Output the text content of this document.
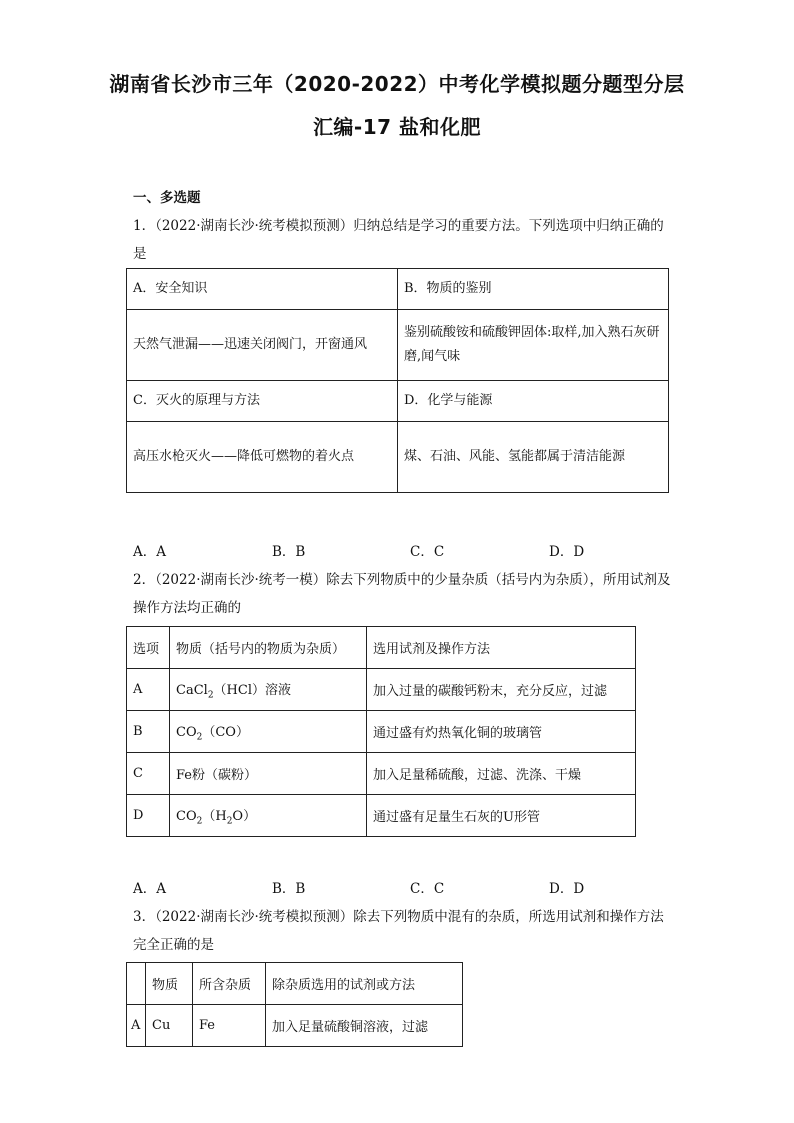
湖南省长沙市三年（2020-2022）中考化学模拟题分题型分层
汇编-17 盐和化肥
一、多选题
1．（2022·湖南长沙·统考模拟预测）归纳总结是学习的重要方法。下列选项中归纳正确的是
A．安全知识	B．物质的鉴别
天然气泄漏——迅速关闭阀门，开窗通风	鉴别硫酸铵和硫酸钾固体:取样,加入熟石灰研磨,闻气味
C．灭火的原理与方法	D．化学与能源
高压水枪灭火——降低可燃物的着火点	煤、石油、风能、氢能都属于清洁能源
A．A	B．B	C．C	D．D
2．（2022·湖南长沙·统考一模）除去下列物质中的少量杂质（括号内为杂质），所用试剂及操作方法均正确的
选项	物质（括号内的物质为杂质）	选用试剂及操作方法
A	CaCl$_2$（HCl）溶液	加入过量的碳酸钙粉末，充分反应，过滤
B	$CO_2(CO)$	通过盛有灼热氧化铜的玻璃管
C	Fe粉（碳粉）	加入足量稀硫酸，过滤、洗涤、干燥
D	$CO_2(H_2O)$	通过盛有足量生石灰的U形管
A．A	B．B	C．C	D．D
3．（2022·湖南长沙·统考模拟预测）除去下列物质中混有的杂质，所选用试剂和操作方法完全正确的是
	物质	所含杂质	除杂质选用的试剂或方法
A	Cu	Fe	加入足量硫酸铜溶液，过滤
